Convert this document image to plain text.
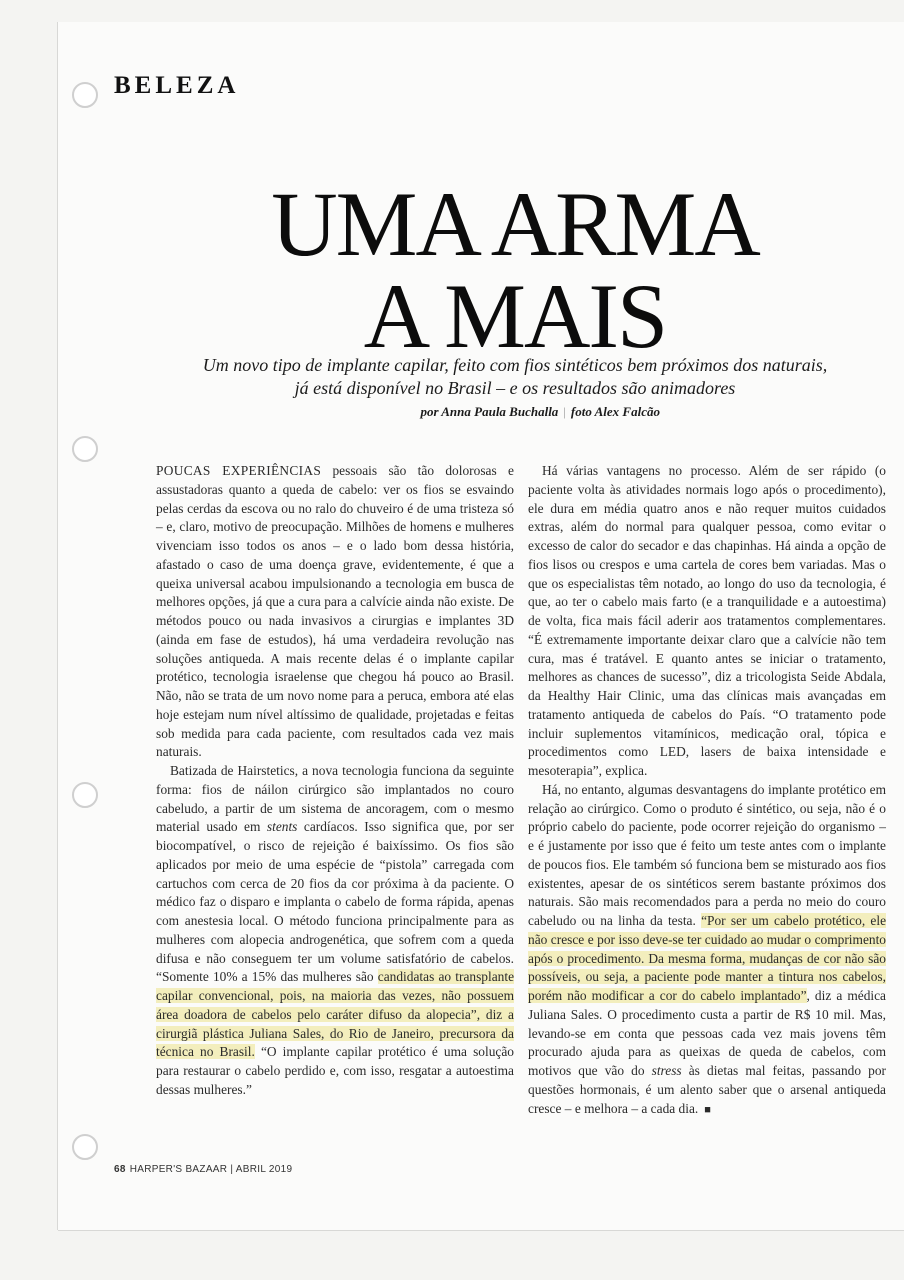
BELEZA
UMA ARMA
A MAIS
Um novo tipo de implante capilar, feito com fios sintéticos bem próximos dos naturais,
já está disponível no Brasil – e os resultados são animadores
por Anna Paula Buchalla | foto Alex Falcão

POUCAS EXPERIÊNCIAS pessoais são tão dolorosas e assustadoras quanto a queda de cabelo: ver os fios se esvaindo pelas cerdas da escova ou no ralo do chuveiro é de uma tristeza só – e, claro, motivo de preocupação. Milhões de homens e mulheres vivenciam isso todos os anos – e o lado bom dessa história, afastado o caso de uma doença grave, evidentemente, é que a queixa universal acabou impulsionando a tecnologia em busca de melhores opções, já que a cura para a calvície ainda não existe. De métodos pouco ou nada invasivos a cirurgias e implantes 3D (ainda em fase de estudos), há uma verdadeira revolução nas soluções antiqueda. A mais recente delas é o implante capilar protético, tecnologia israelense que chegou há pouco ao Brasil. Não, não se trata de um novo nome para a peruca, embora até elas hoje estejam num nível altíssimo de qualidade, projetadas e feitas sob medida para cada paciente, com resultados cada vez mais naturais.

Batizada de Hairstetics, a nova tecnologia funciona da seguinte forma: fios de náilon cirúrgico são implantados no couro cabeludo, a partir de um sistema de ancoragem, com o mesmo material usado em stents cardíacos. Isso significa que, por ser biocompatível, o risco de rejeição é baixíssimo. Os fios são aplicados por meio de uma espécie de “pistola” carregada com cartuchos com cerca de 20 fios da cor próxima à da paciente. O médico faz o disparo e implanta o cabelo de forma rápida, apenas com anestesia local. O método funciona principalmente para as mulheres com alopecia androgenética, que sofrem com a queda difusa e não conseguem ter um volume satisfatório de cabelos. “Somente 10% a 15% das mulheres são candidatas ao transplante capilar convencional, pois, na maioria das vezes, não possuem área doadora de cabelos pelo caráter difuso da alopecia”, diz a cirurgiã plástica Juliana Sales, do Rio de Janeiro, precursora da técnica no Brasil. “O implante capilar protético é uma solução para restaurar o cabelo perdido e, com isso, resgatar a autoestima dessas mulheres.”

Há várias vantagens no processo. Além de ser rápido (o paciente volta às atividades normais logo após o procedimento), ele dura em média quatro anos e não requer muitos cuidados extras, além do normal para qualquer pessoa, como evitar o excesso de calor do secador e das chapinhas. Há ainda a opção de fios lisos ou crespos e uma cartela de cores bem variadas. Mas o que os especialistas têm notado, ao longo do uso da tecnologia, é que, ao ter o cabelo mais farto (e a tranquilidade e a autoestima) de volta, fica mais fácil aderir aos tratamentos complementares. “É extremamente importante deixar claro que a calvície não tem cura, mas é tratável. E quanto antes se iniciar o tratamento, melhores as chances de sucesso”, diz a tricologista Seide Abdala, da Healthy Hair Clinic, uma das clínicas mais avançadas em tratamento antiqueda de cabelos do País. “O tratamento pode incluir suplementos vitamínicos, medicação oral, tópica e procedimentos como LED, lasers de baixa intensidade e mesoterapia”, explica.

Há, no entanto, algumas desvantagens do implante protético em relação ao cirúrgico. Como o produto é sintético, ou seja, não é o próprio cabelo do paciente, pode ocorrer rejeição do organismo – e é justamente por isso que é feito um teste antes com o implante de poucos fios. Ele também só funciona bem se misturado aos fios existentes, apesar de os sintéticos serem bastante próximos dos naturais. São mais recomendados para a perda no meio do couro cabeludo ou na linha da testa. “Por ser um cabelo protético, ele não cresce e por isso deve-se ter cuidado ao mudar o comprimento após o procedimento. Da mesma forma, mudanças de cor não são possíveis, ou seja, a paciente pode manter a tintura nos cabelos, porém não modificar a cor do cabelo implantado”, diz a médica Juliana Sales. O procedimento custa a partir de R$ 10 mil. Mas, levando-se em conta que pessoas cada vez mais jovens têm procurado ajuda para as queixas de queda de cabelos, com motivos que vão do stress às dietas mal feitas, passando por questões hormonais, é um alento saber que o arsenal antiqueda cresce – e melhora – a cada dia. ■

68 HARPER'S BAZAAR | ABRIL 2019
